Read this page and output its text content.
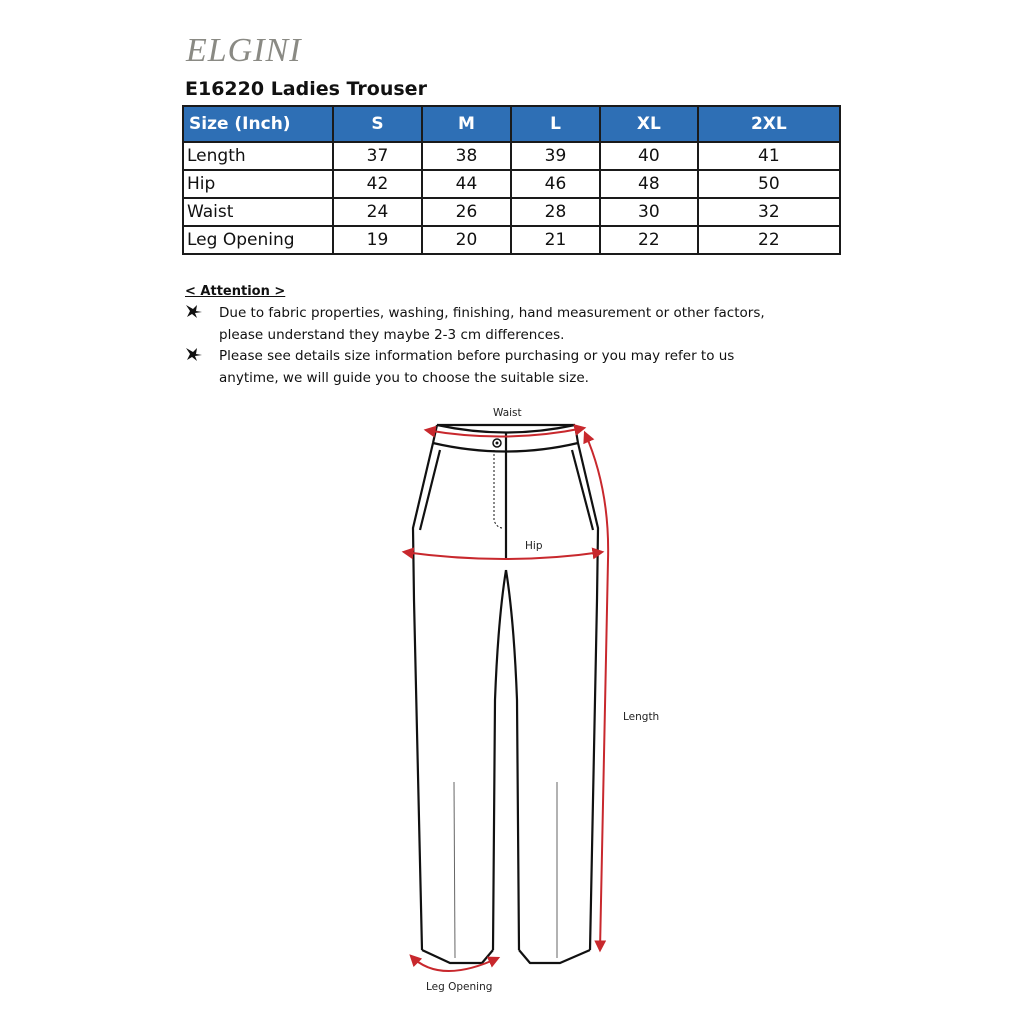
ELGINI
E16220 Ladies Trouser
Size (Inch)	S	M	L	XL	2XL
Length	37	38	39	40	41
Hip	42	44	46	48	50
Waist	24	26	28	30	32
Leg Opening	19	20	21	22	22
< Attention >
Due to fabric properties, washing, finishing, hand measurement or other factors, please understand they maybe 2-3 cm differences.
Please see details size information before purchasing or you may refer to us anytime, we will guide you to choose the suitable size.
Waist
Hip
Length
Leg Opening
